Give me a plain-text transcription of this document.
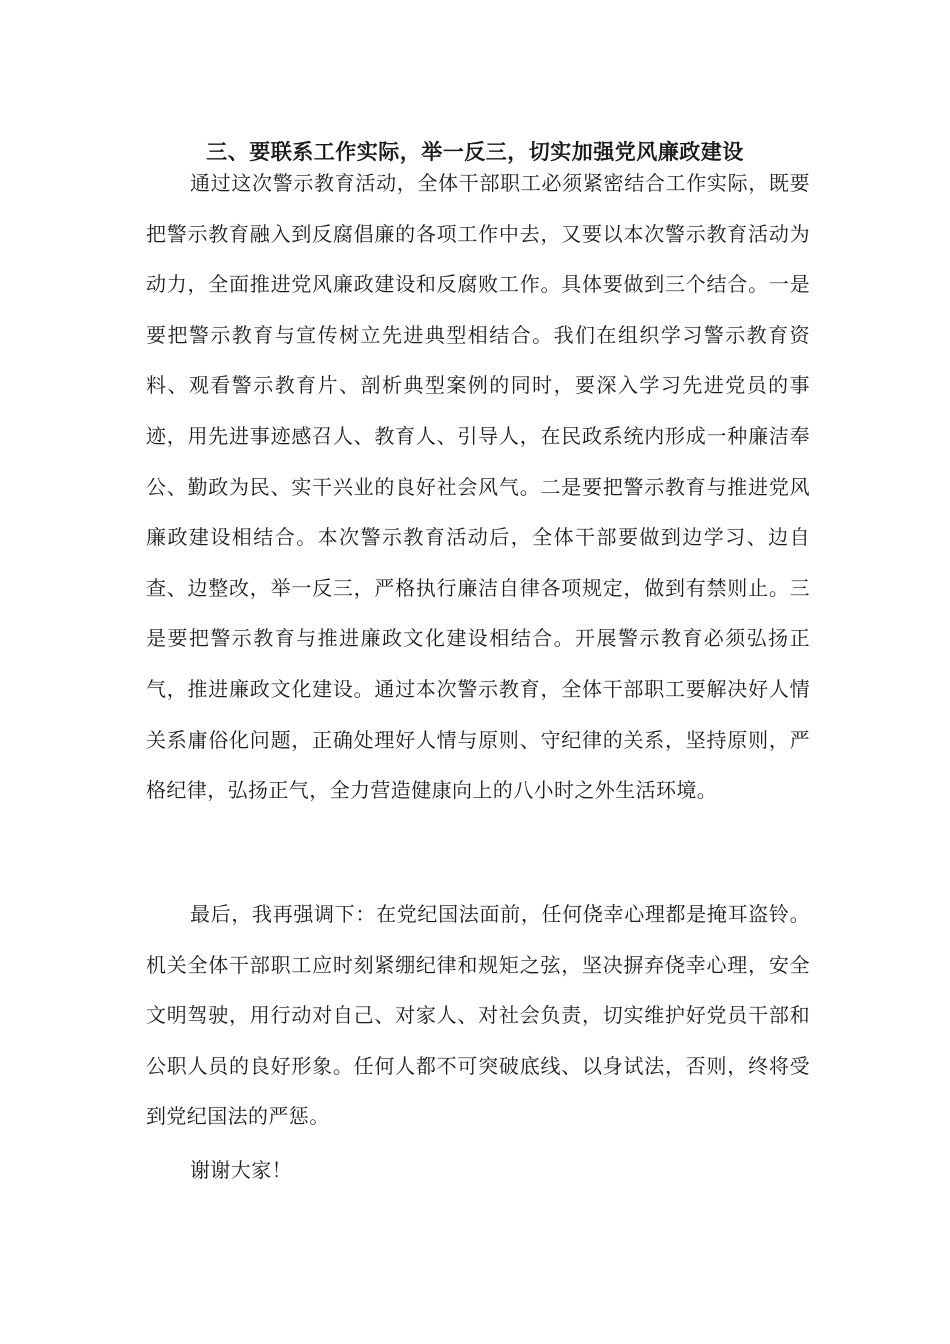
三、要联系工作实际，举一反三，切实加强党风廉政建设

通过这次警示教育活动，全体干部职工必须紧密结合工作实际，既要把警示教育融入到反腐倡廉的各项工作中去，又要以本次警示教育活动为动力，全面推进党风廉政建设和反腐败工作。具体要做到三个结合。一是要把警示教育与宣传树立先进典型相结合。我们在组织学习警示教育资料、观看警示教育片、剖析典型案例的同时，要深入学习先进党员的事迹，用先进事迹感召人、教育人、引导人，在民政系统内形成一种廉洁奉公、勤政为民、实干兴业的良好社会风气。二是要把警示教育与推进党风廉政建设相结合。本次警示教育活动后，全体干部要做到边学习、边自查、边整改，举一反三，严格执行廉洁自律各项规定，做到有禁则止。三是要把警示教育与推进廉政文化建设相结合。开展警示教育必须弘扬正气，推进廉政文化建设。通过本次警示教育，全体干部职工要解决好人情关系庸俗化问题，正确处理好人情与原则、守纪律的关系，坚持原则，严格纪律，弘扬正气，全力营造健康向上的八小时之外生活环境。

最后，我再强调下：在党纪国法面前，任何侥幸心理都是掩耳盗铃。机关全体干部职工应时刻紧绷纪律和规矩之弦，坚决摒弃侥幸心理，安全文明驾驶，用行动对自己、对家人、对社会负责，切实维护好党员干部和公职人员的良好形象。任何人都不可突破底线、以身试法，否则，终将受到党纪国法的严惩。

谢谢大家！
